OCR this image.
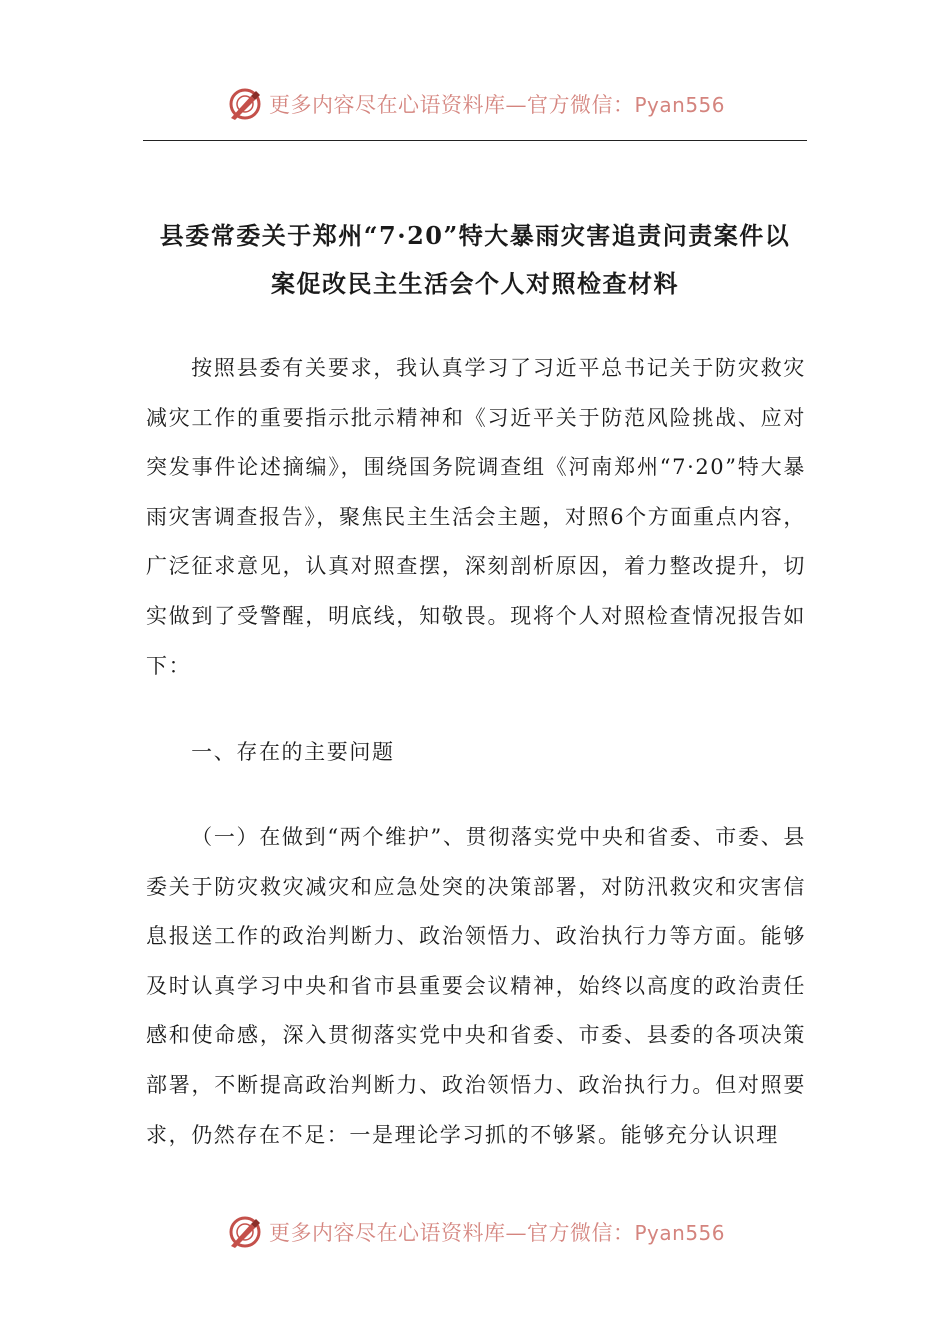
更多内容尽在心语资料库—官方微信：Pyan556
县委常委关于郑州“7·20”特大暴雨灾害追责问责案件以
案促改民主生活会个人对照检查材料

按照县委有关要求，我认真学习了习近平总书记关于防灾救灾减灾工作的重要指示批示精神和《习近平关于防范风险挑战、应对突发事件论述摘编》，围绕国务院调查组《河南郑州“7·20”特大暴雨灾害调查报告》，聚焦民主生活会主题，对照6个方面重点内容，广泛征求意见，认真对照查摆，深刻剖析原因，着力整改提升，切实做到了受警醒，明底线，知敬畏。现将个人对照检查情况报告如下：

一、存在的主要问题

（一）在做到“两个维护”、贯彻落实党中央和省委、市委、县委关于防灾救灾减灾和应急处突的决策部署，对防汛救灾和灾害信息报送工作的政治判断力、政治领悟力、政治执行力等方面。能够及时认真学习中央和省市县重要会议精神，始终以高度的政治责任感和使命感，深入贯彻落实党中央和省委、市委、县委的各项决策部署，不断提高政治判断力、政治领悟力、政治执行力。但对照要求，仍然存在不足：一是理论学习抓的不够紧。能够充分认识理

更多内容尽在心语资料库—官方微信：Pyan556
